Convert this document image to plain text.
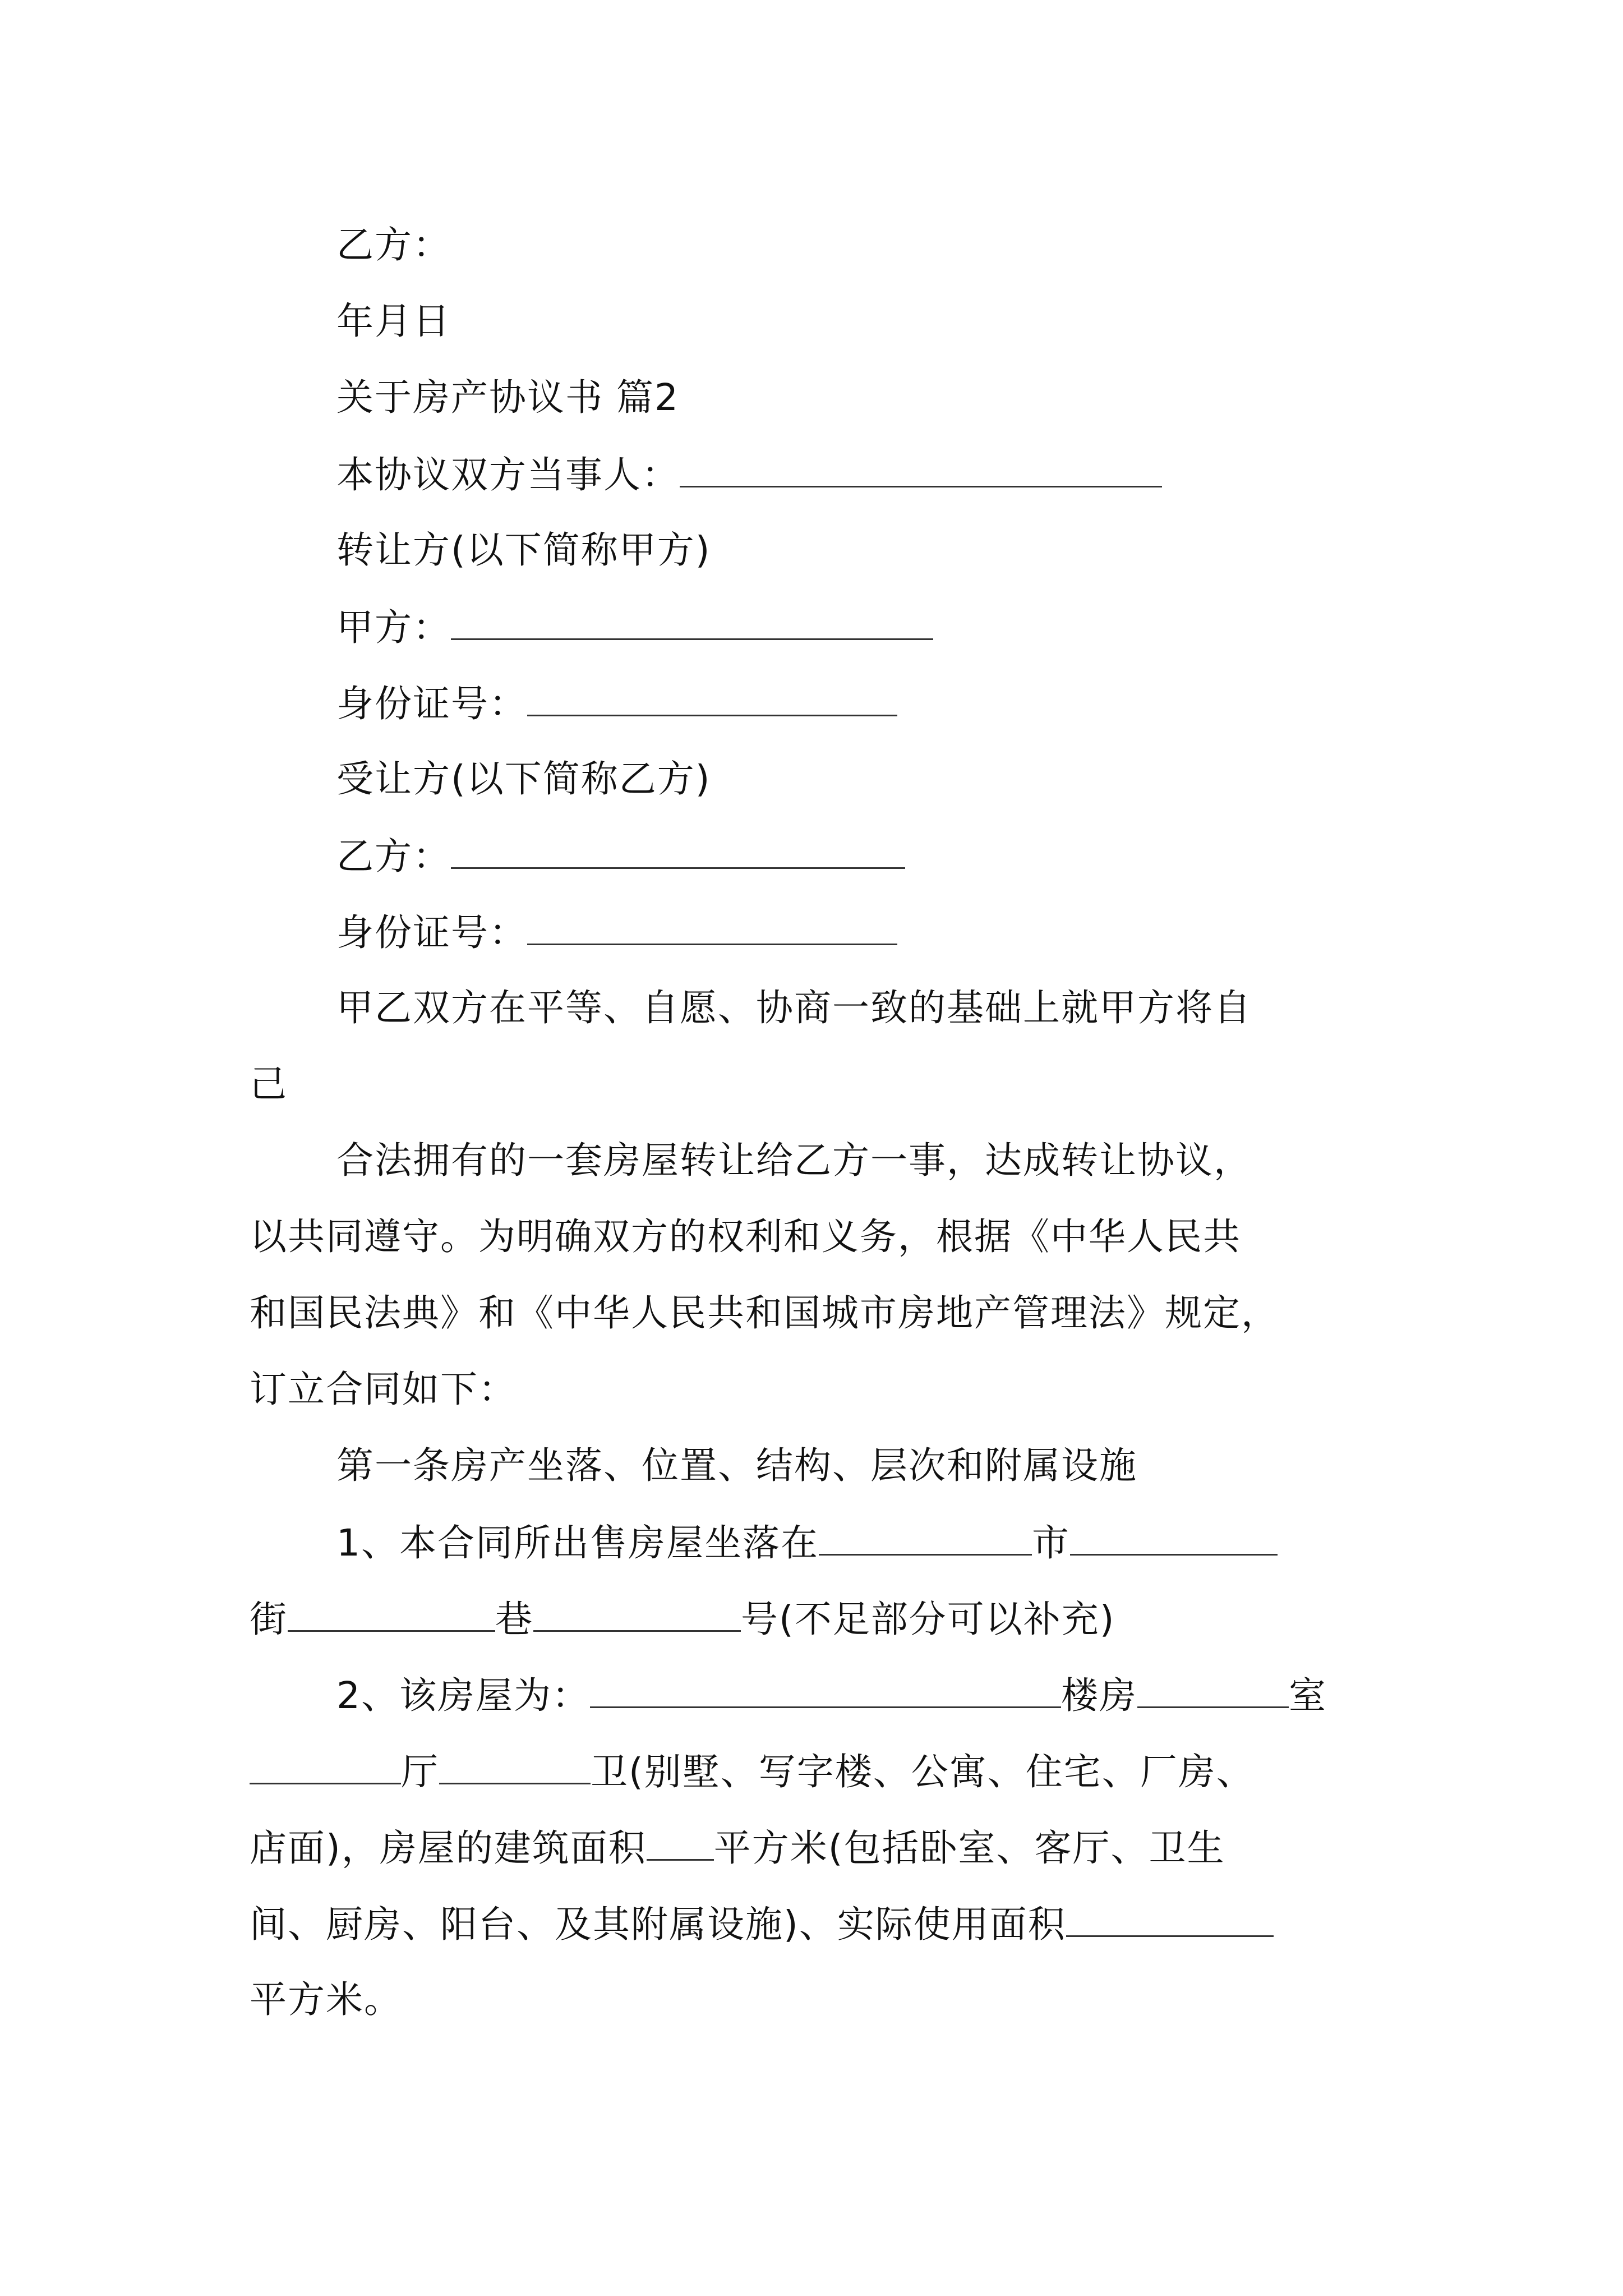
乙方：
年月日
关于房产协议书 篇2
本协议双方当事人：
转让方(以下简称甲方)
甲方：
身份证号：
受让方(以下简称乙方)
乙方：
身份证号：
甲乙双方在平等、自愿、协商一致的基础上就甲方将自
己
合法拥有的一套房屋转让给乙方一事，达成转让协议，
以共同遵守。为明确双方的权利和义务，根据《中华人民共
和国民法典》和《中华人民共和国城市房地产管理法》规定，
订立合同如下：
第一条房产坐落、位置、结构、层次和附属设施
1、本合同所出售房屋坐落在	市
街	巷	号(不足部分可以补充)
2、该房屋为：	楼房	室
厅	卫(别墅、写字楼、公寓、住宅、厂房、
店面)，房屋的建筑面积 平方米(包括卧室、客厅、卫生
间、厨房、阳台、及其附属设施)、实际使用面积
平方米。
